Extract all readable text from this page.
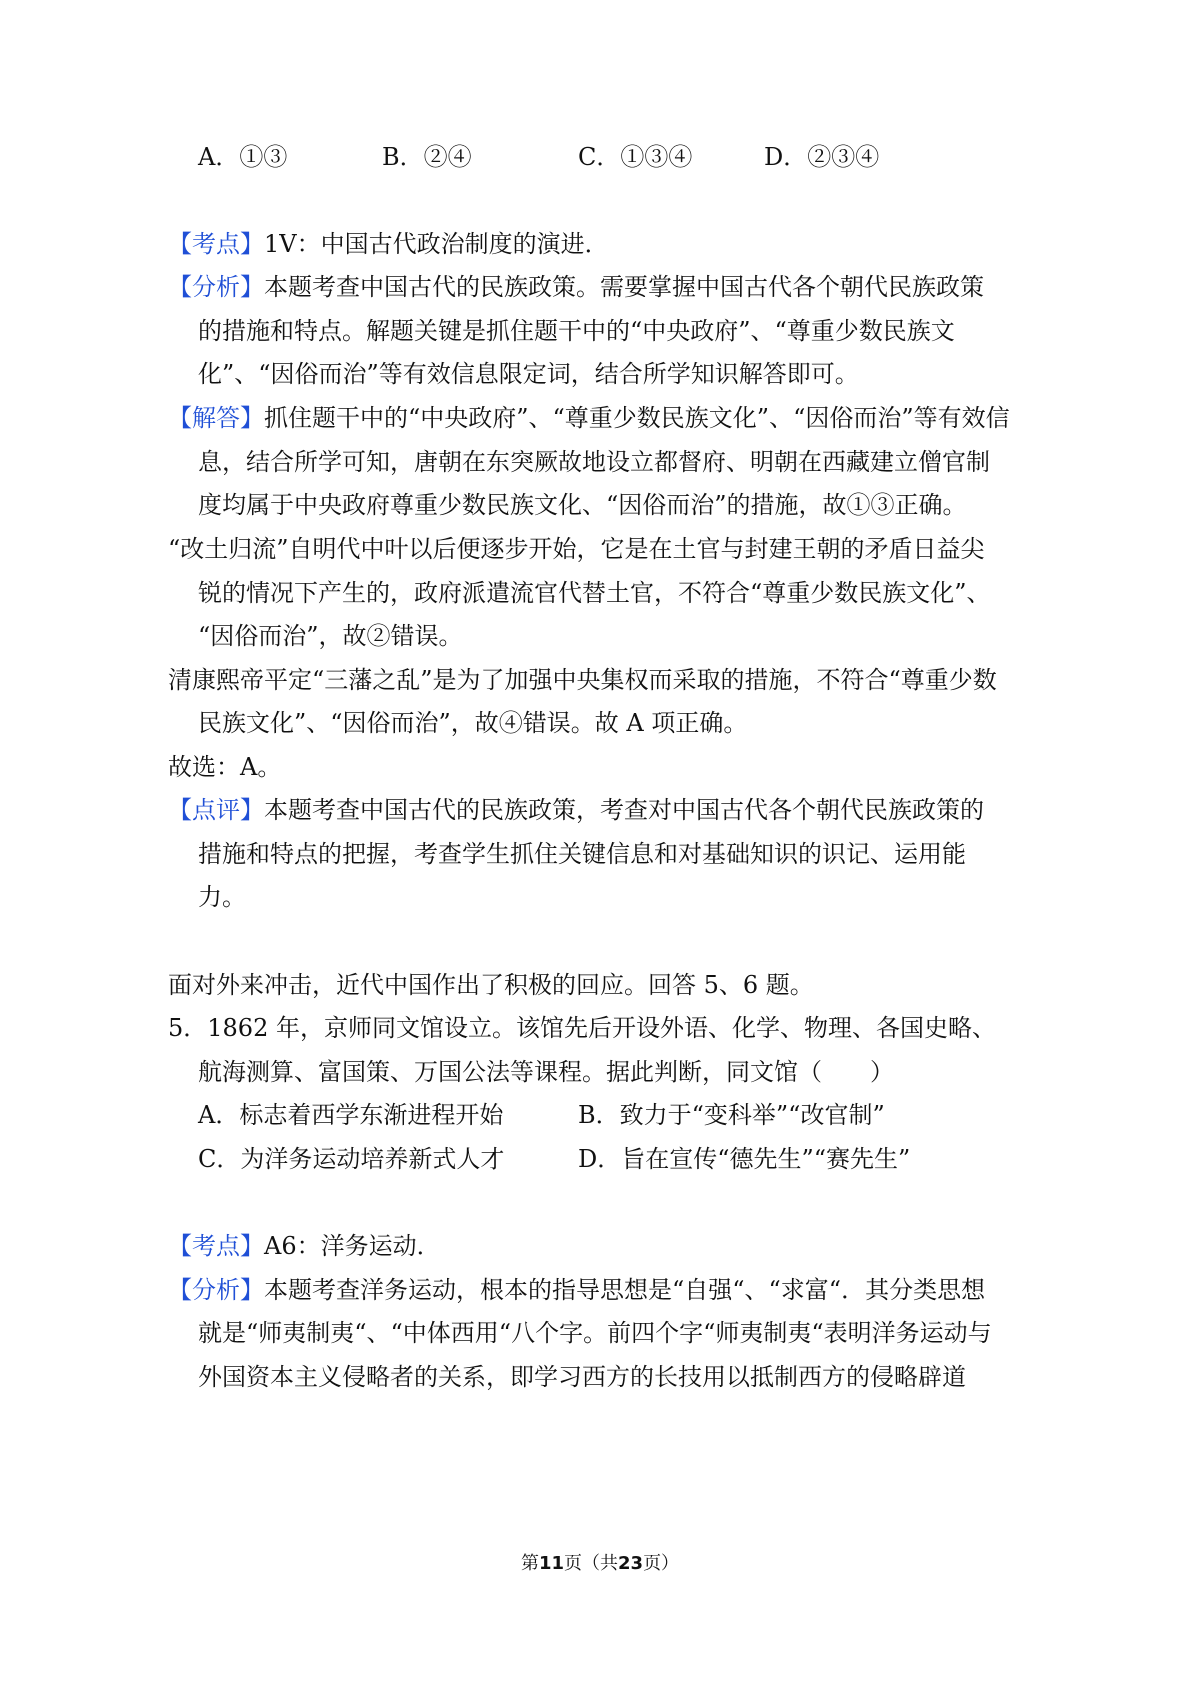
A．①③	B．②④	C．①③④	D．②③④
【考点】1V：中国古代政治制度的演进．
【分析】本题考查中国古代的民族政策。需要掌握中国古代各个朝代民族政策
的措施和特点。解题关键是抓住题干中的“中央政府”、“尊重少数民族文
化”、“因俗而治”等有效信息限定词，结合所学知识解答即可。
【解答】抓住题干中的“中央政府”、“尊重少数民族文化”、“因俗而治”等有效信
息，结合所学可知，唐朝在东突厥故地设立都督府、明朝在西藏建立僧官制
度均属于中央政府尊重少数民族文化、“因俗而治”的措施，故①③正确。
“改土归流”自明代中叶以后便逐步开始，它是在土官与封建王朝的矛盾日益尖
锐的情况下产生的，政府派遣流官代替土官，不符合“尊重少数民族文化”、
“因俗而治”，故②错误。
清康熙帝平定“三藩之乱”是为了加强中央集权而采取的措施，不符合“尊重少数
民族文化”、“因俗而治”，故④错误。故 A 项正确。
故选：A。
【点评】本题考查中国古代的民族政策，考查对中国古代各个朝代民族政策的
措施和特点的把握，考查学生抓住关键信息和对基础知识的识记、运用能
力。
面对外来冲击，近代中国作出了积极的回应。回答 5、6 题。
5．1862 年，京师同文馆设立。该馆先后开设外语、化学、物理、各国史略、
航海测算、富国策、万国公法等课程。据此判断，同文馆（　　）
A．标志着西学东渐进程开始	B．致力于“变科举”“改官制”
C．为洋务运动培养新式人才	D．旨在宣传“德先生”“赛先生”
【考点】A6：洋务运动．
【分析】本题考查洋务运动，根本的指导思想是“自强“、“求富“．其分类思想
就是“师夷制夷“、“中体西用“八个字。前四个字“师夷制夷“表明洋务运动与
外国资本主义侵略者的关系，即学习西方的长技用以抵制西方的侵略辟道
第11页（共23页）
